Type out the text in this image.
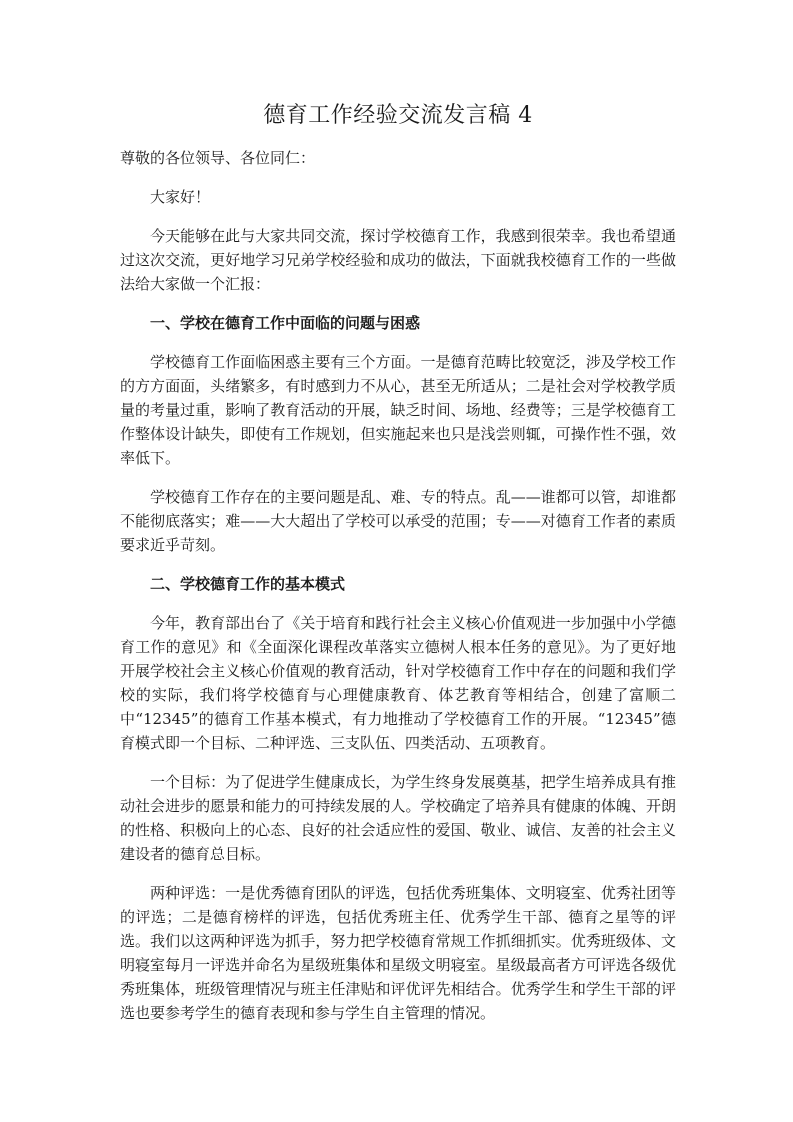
德育工作经验交流发言稿 4

尊敬的各位领导、各位同仁：

大家好！

今天能够在此与大家共同交流，探讨学校德育工作，我感到很荣幸。我也希望通过这次交流，更好地学习兄弟学校经验和成功的做法，下面就我校德育工作的一些做法给大家做一个汇报：

一、学校在德育工作中面临的问题与困惑

学校德育工作面临困惑主要有三个方面。一是德育范畴比较宽泛，涉及学校工作的方方面面，头绪繁多，有时感到力不从心，甚至无所适从；二是社会对学校教学质量的考量过重，影响了教育活动的开展，缺乏时间、场地、经费等；三是学校德育工作整体设计缺失，即使有工作规划，但实施起来也只是浅尝则辄，可操作性不强，效率低下。

学校德育工作存在的主要问题是乱、难、专的特点。乱——谁都可以管，却谁都不能彻底落实；难——大大超出了学校可以承受的范围；专——对德育工作者的素质要求近乎苛刻。

二、学校德育工作的基本模式

今年，教育部出台了《关于培育和践行社会主义核心价值观进一步加强中小学德育工作的意见》和《全面深化课程改革落实立德树人根本任务的意见》。为了更好地开展学校社会主义核心价值观的教育活动，针对学校德育工作中存在的问题和我们学校的实际，我们将学校德育与心理健康教育、体艺教育等相结合，创建了富顺二中“12345”的德育工作基本模式，有力地推动了学校德育工作的开展。“12345”德育模式即一个目标、二种评选、三支队伍、四类活动、五项教育。

一个目标：为了促进学生健康成长，为学生终身发展奠基，把学生培养成具有推动社会进步的愿景和能力的可持续发展的人。学校确定了培养具有健康的体魄、开朗的性格、积极向上的心态、良好的社会适应性的爱国、敬业、诚信、友善的社会主义建设者的德育总目标。

两种评选：一是优秀德育团队的评选，包括优秀班集体、文明寝室、优秀社团等的评选；二是德育榜样的评选，包括优秀班主任、优秀学生干部、德育之星等的评选。我们以这两种评选为抓手，努力把学校德育常规工作抓细抓实。优秀班级体、文明寝室每月一评选并命名为星级班集体和星级文明寝室。星级最高者方可评选各级优秀班集体，班级管理情况与班主任津贴和评优评先相结合。优秀学生和学生干部的评选也要参考学生的德育表现和参与学生自主管理的情况。
